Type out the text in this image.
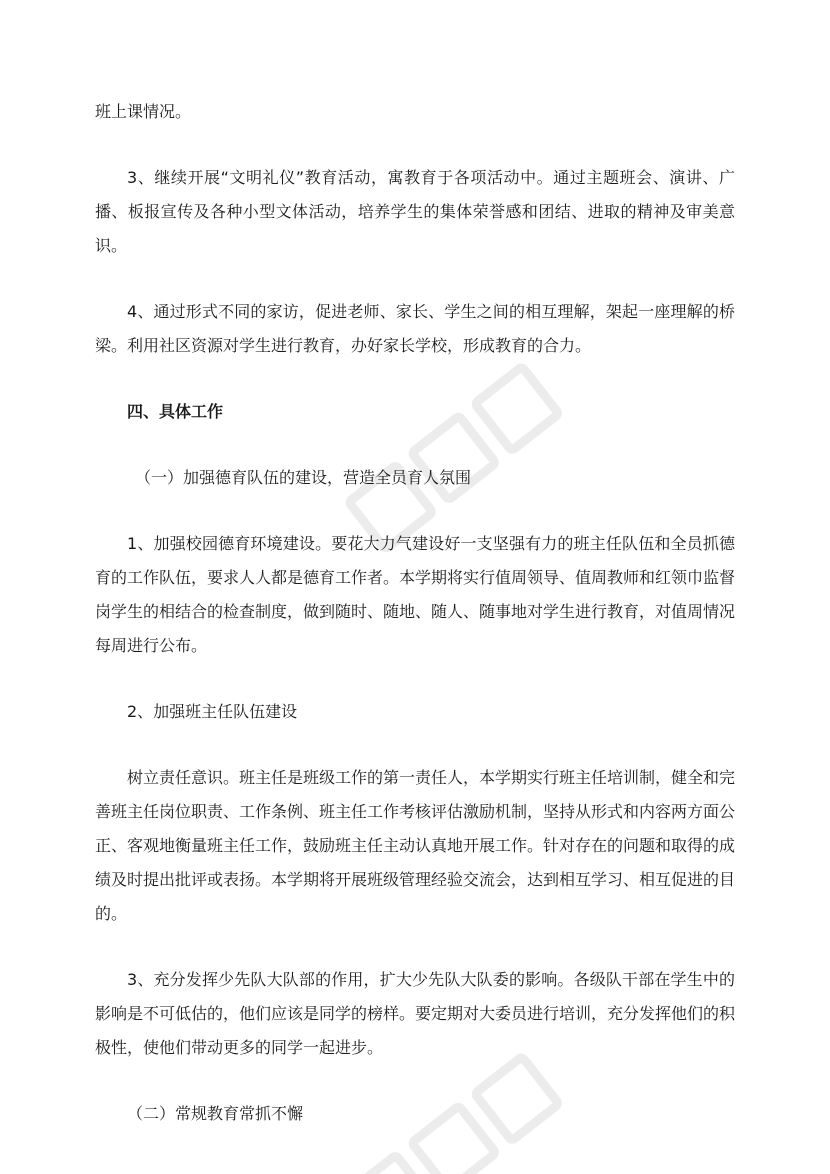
班上课情况。

3、继续开展“文明礼仪”教育活动，寓教育于各项活动中。通过主题班会、演讲、广播、板报宣传及各种小型文体活动，培养学生的集体荣誉感和团结、进取的精神及审美意识。

4、通过形式不同的家访，促进老师、家长、学生之间的相互理解，架起一座理解的桥梁。利用社区资源对学生进行教育，办好家长学校，形成教育的合力。

四、具体工作

（一）加强德育队伍的建设，营造全员育人氛围

1、加强校园德育环境建设。要花大力气建设好一支坚强有力的班主任队伍和全员抓德育的工作队伍，要求人人都是德育工作者。本学期将实行值周领导、值周教师和红领巾监督岗学生的相结合的检查制度，做到随时、随地、随人、随事地对学生进行教育，对值周情况每周进行公布。

2、加强班主任队伍建设

树立责任意识。班主任是班级工作的第一责任人，本学期实行班主任培训制，健全和完善班主任岗位职责、工作条例、班主任工作考核评估激励机制，坚持从形式和内容两方面公正、客观地衡量班主任工作，鼓励班主任主动认真地开展工作。针对存在的问题和取得的成绩及时提出批评或表扬。本学期将开展班级管理经验交流会，达到相互学习、相互促进的目的。

3、充分发挥少先队大队部的作用，扩大少先队大队委的影响。各级队干部在学生中的影响是不可低估的，他们应该是同学的榜样。要定期对大委员进行培训，充分发挥他们的积极性，使他们带动更多的同学一起进步。

（二）常规教育常抓不懈
